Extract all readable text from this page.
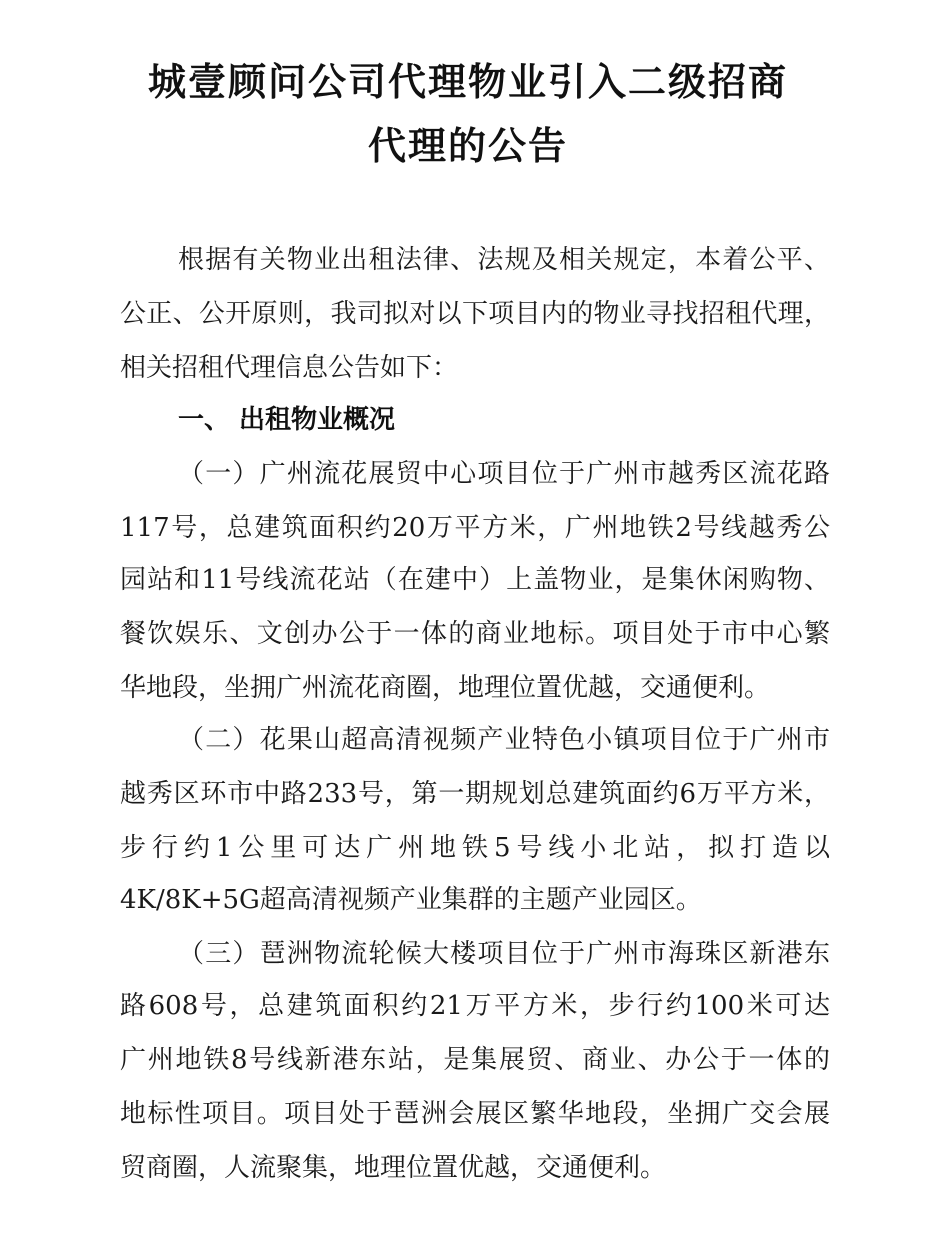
城壹顾问公司代理物业引入二级招商
代理的公告
根据有关物业出租法律、法规及相关规定，本着公平、
公正、公开原则，我司拟对以下项目内的物业寻找招租代理，
相关招租代理信息公告如下：
一、 出租物业概况
（一）广州流花展贸中心项目位于广州市越秀区流花路
117号，总建筑面积约20万平方米，广州地铁2号线越秀公
园站和11号线流花站（在建中）上盖物业，是集休闲购物、
餐饮娱乐、文创办公于一体的商业地标。项目处于市中心繁
华地段，坐拥广州流花商圈，地理位置优越，交通便利。
（二）花果山超高清视频产业特色小镇项目位于广州市
越秀区环市中路233号，第一期规划总建筑面约6万平方米，
步行约1公里可达广州地铁5号线小北站，拟打造以
4K/8K+5G超高清视频产业集群的主题产业园区。
（三）琶洲物流轮候大楼项目位于广州市海珠区新港东
路608号，总建筑面积约21万平方米，步行约100米可达
广州地铁8号线新港东站，是集展贸、商业、办公于一体的
地标性项目。项目处于琶洲会展区繁华地段，坐拥广交会展
贸商圈，人流聚集，地理位置优越，交通便利。
